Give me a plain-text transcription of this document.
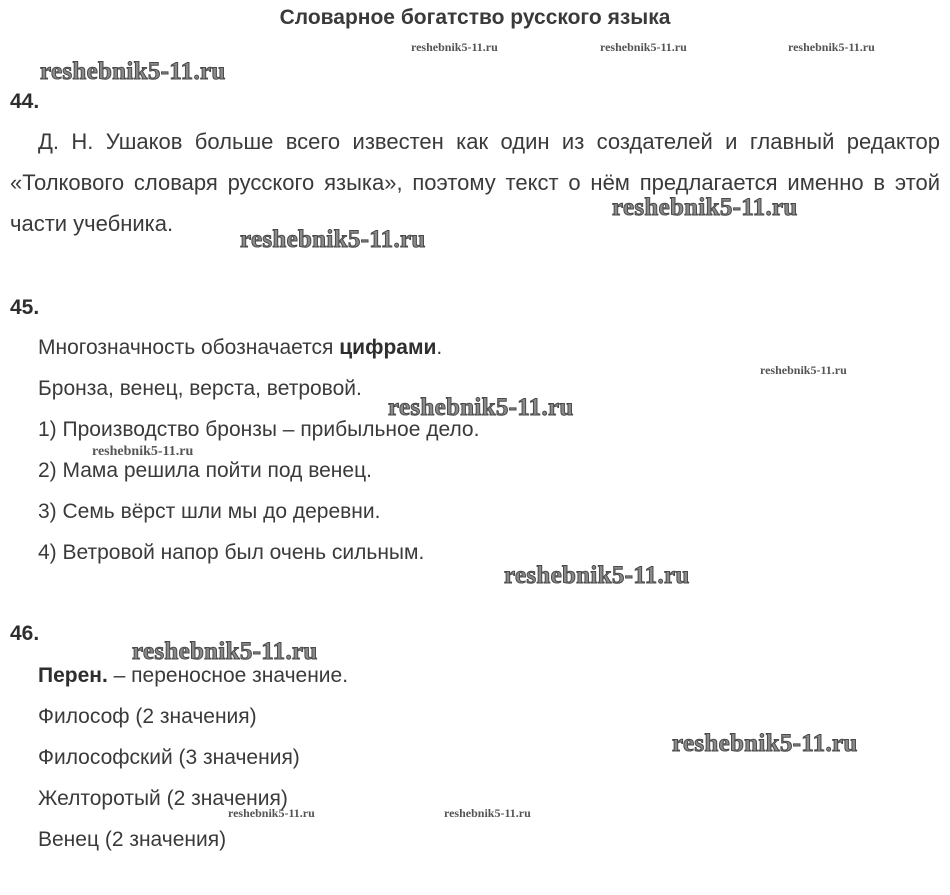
Словарное богатство русского языка
reshebnik5-11.ru	reshebnik5-11.ru	reshebnik5-11.ru
reshebnik5-11.ru
reshebnik5-11.ru	reshebnik5-11.ru
reshebnik5-11.ru
reshebnik5-11.ru
reshebnik5-11.ru
reshebnik5-11.ru
reshebnik5-11.ru
reshebnik5-11.ru
reshebnik5-11.ru
reshebnik5-11.ru
44.
Д. Н. Ушаков больше всего известен как один из создателей и главный редактор «Толкового словаря русского языка», поэтому текст о нём предлагается именно в этой части учебника.
45.
Многозначность обозначается цифрами.
Бронза, венец, верста, ветровой.
1) Производство бронзы – прибыльное дело.
2) Мама решила пойти под венец.
3) Семь вёрст шли мы до деревни.
4) Ветровой напор был очень сильным.
46.
Перен. – переносное значение.
Философ (2 значения)
Философский (3 значения)
Желторотый (2 значения)
Венец (2 значения)
